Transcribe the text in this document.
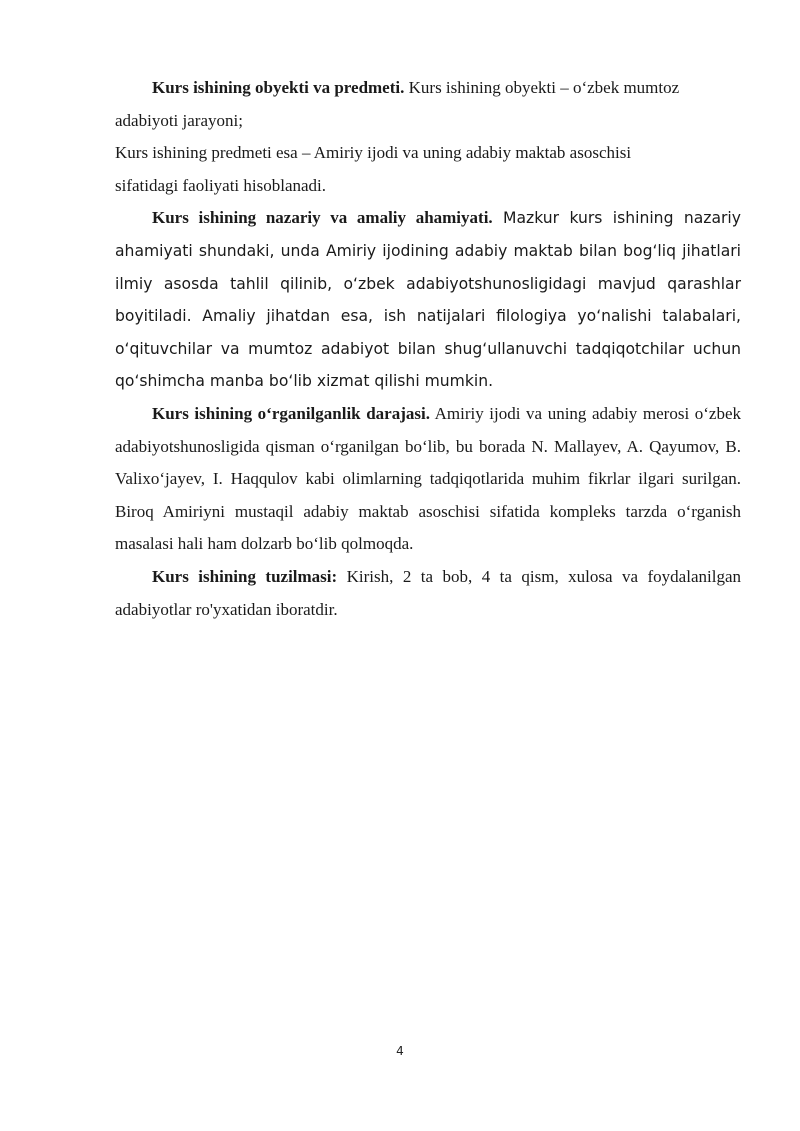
Kurs ishining obyekti va predmeti. Kurs ishining obyekti – o‘zbek mumtoz
adabiyoti jarayoni;

Kurs ishining predmeti esa – Amiriy ijodi va uning adabiy maktab asoschisi
sifatidagi faoliyati hisoblanadi.

Kurs ishining nazariy va amaliy ahamiyati. Mazkur kurs ishining nazariy ahamiyati shundaki, unda Amiriy ijodining adabiy maktab bilan bog‘liq jihatlari ilmiy asosda tahlil qilinib, o‘zbek adabiyotshunosligidagi mavjud qarashlar boyitiladi. Amaliy jihatdan esa, ish natijalari filologiya yo‘nalishi talabalari, o‘qituvchilar va mumtoz adabiyot bilan shug‘ullanuvchi tadqiqotchilar uchun qo‘shimcha manba bo‘lib xizmat qilishi mumkin.

Kurs ishining o‘rganilganlik darajasi. Amiriy ijodi va uning adabiy merosi o‘zbek adabiyotshunosligida qisman o‘rganilgan bo‘lib, bu borada N. Mallayev, A. Qayumov, B. Valixo‘jayev, I. Haqqulov kabi olimlarning tadqiqotlarida muhim fikrlar ilgari surilgan. Biroq Amiriyni mustaqil adabiy maktab asoschisi sifatida kompleks tarzda o‘rganish masalasi hali ham dolzarb bo‘lib qolmoqda.

Kurs ishining tuzilmasi: Kirish, 2 ta bob, 4 ta qism, xulosa va foydalanilgan adabiyotlar ro'yxatidan iboratdir.

4
